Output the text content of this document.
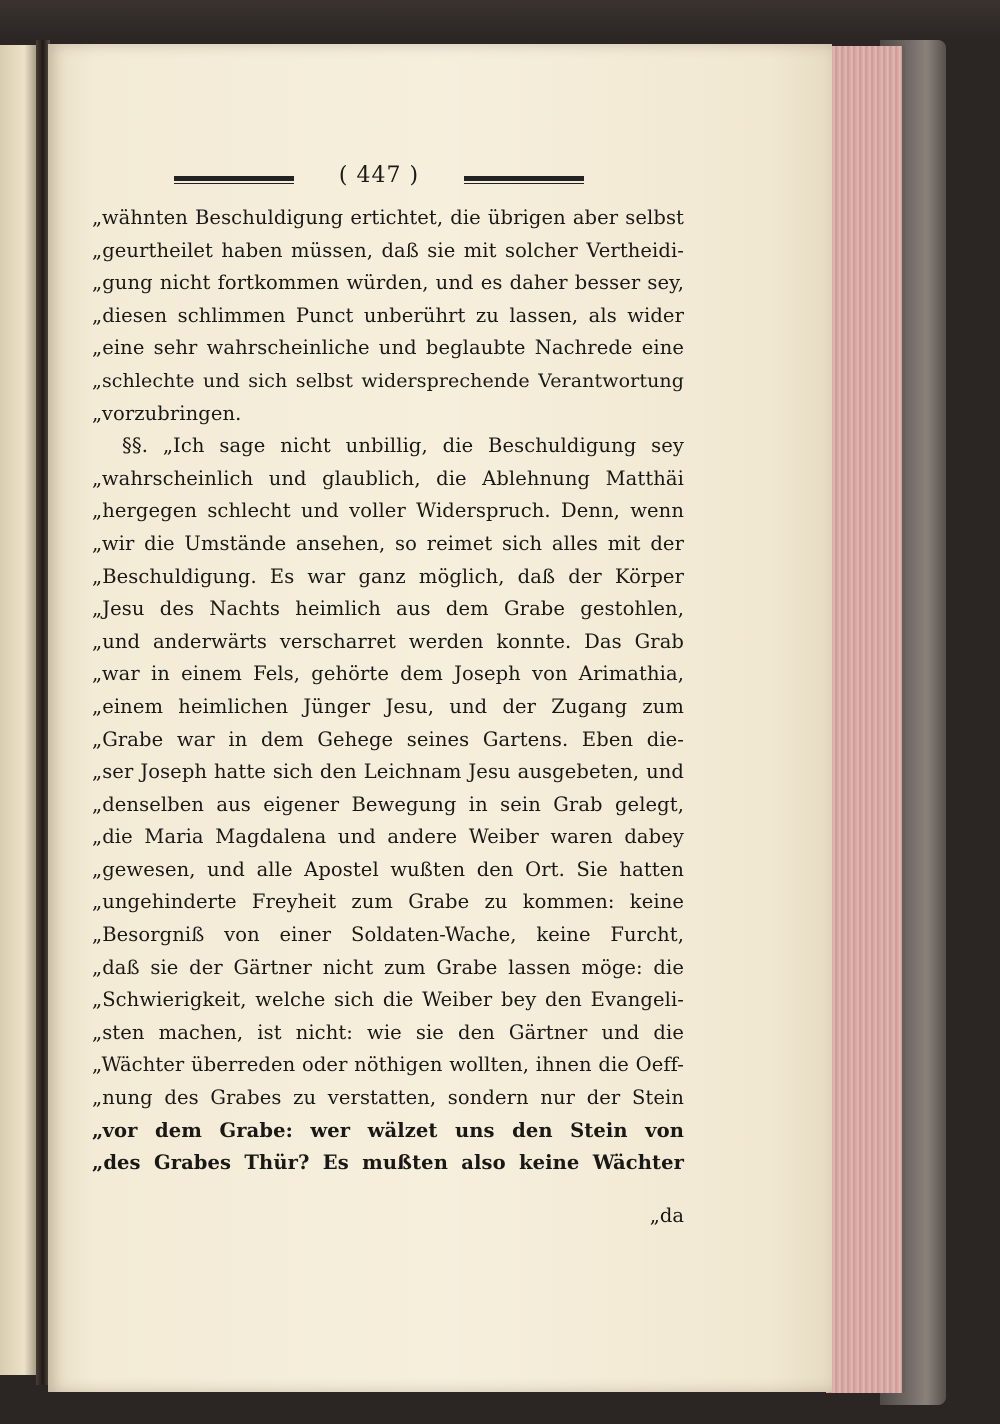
( 447 )
„wähnten Beschuldigung ertichtet, die übrigen aber selbst
„geurtheilet haben müssen, daß sie mit solcher Vertheidi-
„gung nicht fortkommen würden, und es daher besser sey,
„diesen schlimmen Punct unberührt zu lassen, als wider
„eine sehr wahrscheinliche und beglaubte Nachrede eine
„schlechte und sich selbst widersprechende Verantwortung
„vorzubringen.
§§. „Ich sage nicht unbillig, die Beschuldigung sey
„wahrscheinlich und glaublich, die Ablehnung Matthäi
„hergegen schlecht und voller Widerspruch. Denn, wenn
„wir die Umstände ansehen, so reimet sich alles mit der
„Beschuldigung. Es war ganz möglich, daß der Körper
„Jesu des Nachts heimlich aus dem Grabe gestohlen,
„und anderwärts verscharret werden konnte. Das Grab
„war in einem Fels, gehörte dem Joseph von Arimathia,
„einem heimlichen Jünger Jesu, und der Zugang zum
„Grabe war in dem Gehege seines Gartens. Eben die-
„ser Joseph hatte sich den Leichnam Jesu ausgebeten, und
„denselben aus eigener Bewegung in sein Grab gelegt,
„die Maria Magdalena und andere Weiber waren dabey
„gewesen, und alle Apostel wußten den Ort. Sie hatten
„ungehinderte Freyheit zum Grabe zu kommen: keine
„Besorgniß von einer Soldaten-Wache, keine Furcht,
„daß sie der Gärtner nicht zum Grabe lassen möge: die
„Schwierigkeit, welche sich die Weiber bey den Evangeli-
„sten machen, ist nicht: wie sie den Gärtner und die
„Wächter überreden oder nöthigen wollten, ihnen die Oeff-
„nung des Grabes zu verstatten, sondern nur der Stein
„vor dem Grabe: wer wälzet uns den Stein von
„des Grabes Thür? Es mußten also keine Wächter
„da
